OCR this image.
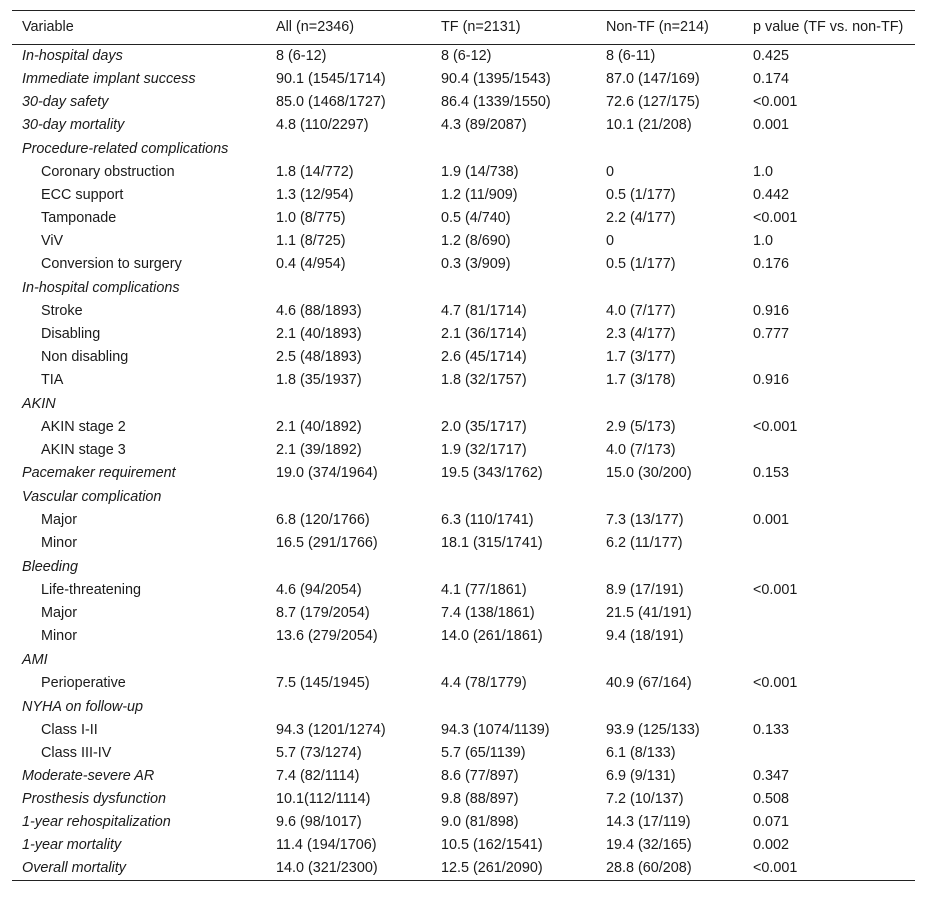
Variable	All (n=2346)	TF (n=2131)	Non-TF (n=214)	p value (TF vs. non-TF)
In-hospital days	8 (6-12)	8 (6-12)	8 (6-11)	0.425
Immediate implant success	90.1 (1545/1714)	90.4 (1395/1543)	87.0 (147/169)	0.174
30-day safety	85.0 (1468/1727)	86.4 (1339/1550)	72.6 (127/175)	<0.001
30-day mortality	4.8 (110/2297)	4.3 (89/2087)	10.1 (21/208)	0.001
Procedure-related complications				
Coronary obstruction	1.8 (14/772)	1.9 (14/738)	0	1.0
ECC support	1.3 (12/954)	1.2 (11/909)	0.5 (1/177)	0.442
Tamponade	1.0 (8/775)	0.5 (4/740)	2.2 (4/177)	<0.001
ViV	1.1 (8/725)	1.2 (8/690)	0	1.0
Conversion to surgery	0.4 (4/954)	0.3 (3/909)	0.5 (1/177)	0.176
In-hospital complications				
Stroke	4.6 (88/1893)	4.7 (81/1714)	4.0 (7/177)	0.916
Disabling	2.1 (40/1893)	2.1 (36/1714)	2.3 (4/177)	0.777
Non disabling	2.5 (48/1893)	2.6 (45/1714)	1.7 (3/177)	
TIA	1.8 (35/1937)	1.8 (32/1757)	1.7 (3/178)	0.916
AKIN				
AKIN stage 2	2.1 (40/1892)	2.0 (35/1717)	2.9 (5/173)	<0.001
AKIN stage 3	2.1 (39/1892)	1.9 (32/1717)	4.0 (7/173)	
Pacemaker requirement	19.0 (374/1964)	19.5 (343/1762)	15.0 (30/200)	0.153
Vascular complication				
Major	6.8 (120/1766)	6.3 (110/1741)	7.3 (13/177)	0.001
Minor	16.5 (291/1766)	18.1 (315/1741)	6.2 (11/177)	
Bleeding				
Life-threatening	4.6 (94/2054)	4.1 (77/1861)	8.9 (17/191)	<0.001
Major	8.7 (179/2054)	7.4 (138/1861)	21.5 (41/191)	
Minor	13.6 (279/2054)	14.0 (261/1861)	9.4 (18/191)	
AMI				
Perioperative	7.5 (145/1945)	4.4 (78/1779)	40.9 (67/164)	<0.001
NYHA on follow-up				
Class I-II	94.3 (1201/1274)	94.3 (1074/1139)	93.9 (125/133)	0.133
Class III-IV	5.7 (73/1274)	5.7 (65/1139)	6.1 (8/133)	
Moderate-severe AR	7.4 (82/1114)	8.6 (77/897)	6.9 (9/131)	0.347
Prosthesis dysfunction	10.1(112/1114)	9.8 (88/897)	7.2 (10/137)	0.508
1-year rehospitalization	9.6 (98/1017)	9.0 (81/898)	14.3 (17/119)	0.071
1-year mortality	11.4 (194/1706)	10.5 (162/1541)	19.4 (32/165)	0.002
Overall mortality	14.0 (321/2300)	12.5 (261/2090)	28.8 (60/208)	<0.001
